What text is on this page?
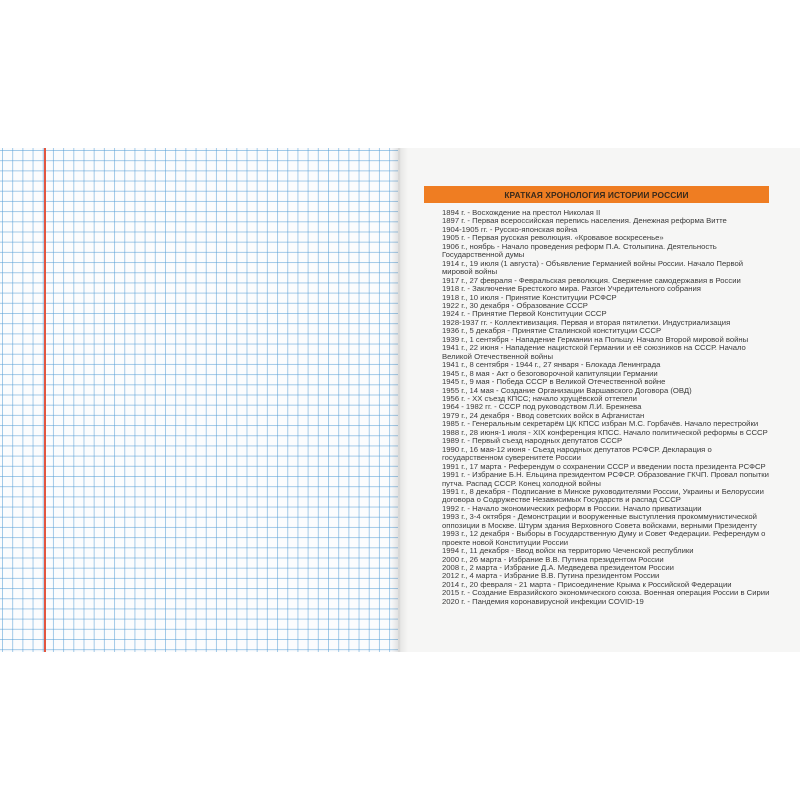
КРАТКАЯ ХРОНОЛОГИЯ ИСТОРИИ РОССИИ
1894 г. - Восхождение на престол Николая II
1897 г. - Первая всероссийская перепись населения. Денежная реформа Витте
1904-1905 гг. - Русско-японская война
1905 г. - Первая русская революция. «Кровавое воскресенье»
1906 г., ноябрь - Начало проведения реформ П.А. Столыпина. Деятельность Государственной думы
1914 г., 19 июля (1 августа) - Объявление Германией войны России. Начало Первой мировой войны
1917 г., 27 февраля - Февральская революция. Свержение самодержавия в России
1918 г. - Заключение Брестского мира. Разгон Учредительного собрания
1918 г., 10 июля - Принятие Конституции РСФСР
1922 г., 30 декабря - Образование СССР
1924 г. - Принятие Первой Конституции СССР
1928-1937 гг. - Коллективизация. Первая и вторая пятилетки. Индустриализация
1936 г., 5 декабря - Принятие Сталинской конституции СССР
1939 г., 1 сентября - Нападение Германии на Польшу. Начало Второй мировой войны
1941 г., 22 июня - Нападение нацистской Германии и её союзников на СССР. Начало Великой Отечественной войны
1941 г., 8 сентября - 1944 г., 27 января - Блокада Ленинграда
1945 г., 8 мая - Акт о безоговорочной капитуляции Германии
1945 г., 9 мая - Победа СССР в Великой Отечественной войне
1955 г., 14 мая - Создание Организации Варшавского Договора (ОВД)
1956 г. - XX съезд КПСС; начало хрущёвской оттепели
1964 - 1982 гг. - СССР под руководством Л.И. Брежнева
1979 г., 24 декабря - Ввод советских войск в Афганистан
1985 г. - Генеральным секретарём ЦК КПСС избран М.С. Горбачёв. Начало перестройки
1988 г., 28 июня-1 июля - XIX конференция КПСС. Начало политической реформы в СССР
1989 г. - Первый съезд народных депутатов СССР
1990 г., 16 мая-12 июня - Съезд народных депутатов РСФСР. Декларация о государственном суверенитете России
1991 г., 17 марта - Референдум о сохранении СССР и введении поста президента РСФСР
1991 г. - Избрание Б.Н. Ельцина президентом РСФСР. Образование ГКЧП. Провал попытки путча. Распад СССР. Конец холодной войны
1991 г., 8 декабря - Подписание в Минске руководителями России, Украины и Белоруссии договора о Содружестве Независимых Государств и распад СССР
1992 г. - Начало экономических реформ в России. Начало приватизации
1993 г., 3-4 октября - Демонстрации и вооруженные выступления прокоммунистической оппозиции в Москве. Штурм здания Верховного Совета войсками, верными Президенту
1993 г., 12 декабря - Выборы в Государственную Думу и Совет Федерации. Референдум о проекте новой Конституции России
1994 г., 11 декабря - Ввод войск на территорию Чеченской республики
2000 г., 26 марта - Избрание В.В. Путина президентом России
2008 г., 2 марта - Избрание Д.А. Медведева президентом России
2012 г., 4 марта - Избрание В.В. Путина президентом России
2014 г., 20 февраля - 21 марта - Присоединение Крыма к Российской Федерации
2015 г. - Создание Евразийского экономического союза. Военная операция России в Сирии
2020 г. - Пандемия коронавирусной инфекции COVID-19
